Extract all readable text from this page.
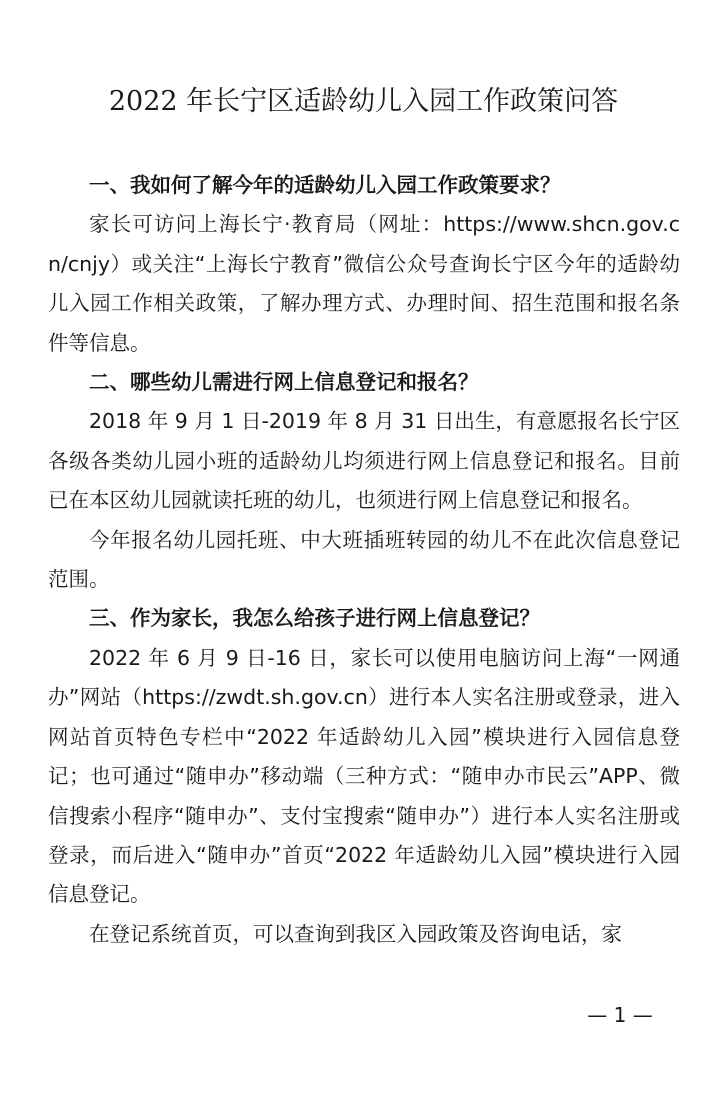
2022 年长宁区适龄幼儿入园工作政策问答

一、我如何了解今年的适龄幼儿入园工作政策要求？

家长可访问上海长宁·教育局（网址：https://www.shcn.gov.cn/cnjy）或关注“上海长宁教育”微信公众号查询长宁区今年的适龄幼儿入园工作相关政策，了解办理方式、办理时间、招生范围和报名条件等信息。

二、哪些幼儿需进行网上信息登记和报名？

2018 年 9 月 1 日-2019 年 8 月 31 日出生，有意愿报名长宁区各级各类幼儿园小班的适龄幼儿均须进行网上信息登记和报名。目前已在本区幼儿园就读托班的幼儿，也须进行网上信息登记和报名。

今年报名幼儿园托班、中大班插班转园的幼儿不在此次信息登记范围。

三、作为家长，我怎么给孩子进行网上信息登记？

2022 年 6 月 9 日-16 日，家长可以使用电脑访问上海“一网通办”网站（https://zwdt.sh.gov.cn）进行本人实名注册或登录，进入网站首页特色专栏中“2022 年适龄幼儿入园”模块进行入园信息登记；也可通过“随申办”移动端（三种方式：“随申办市民云”APP、微信搜索小程序“随申办”、支付宝搜索“随申办”）进行本人实名注册或登录，而后进入“随申办”首页“2022 年适龄幼儿入园”模块进行入园信息登记。

在登记系统首页，可以查询到我区入园政策及咨询电话，家

— 1 —
